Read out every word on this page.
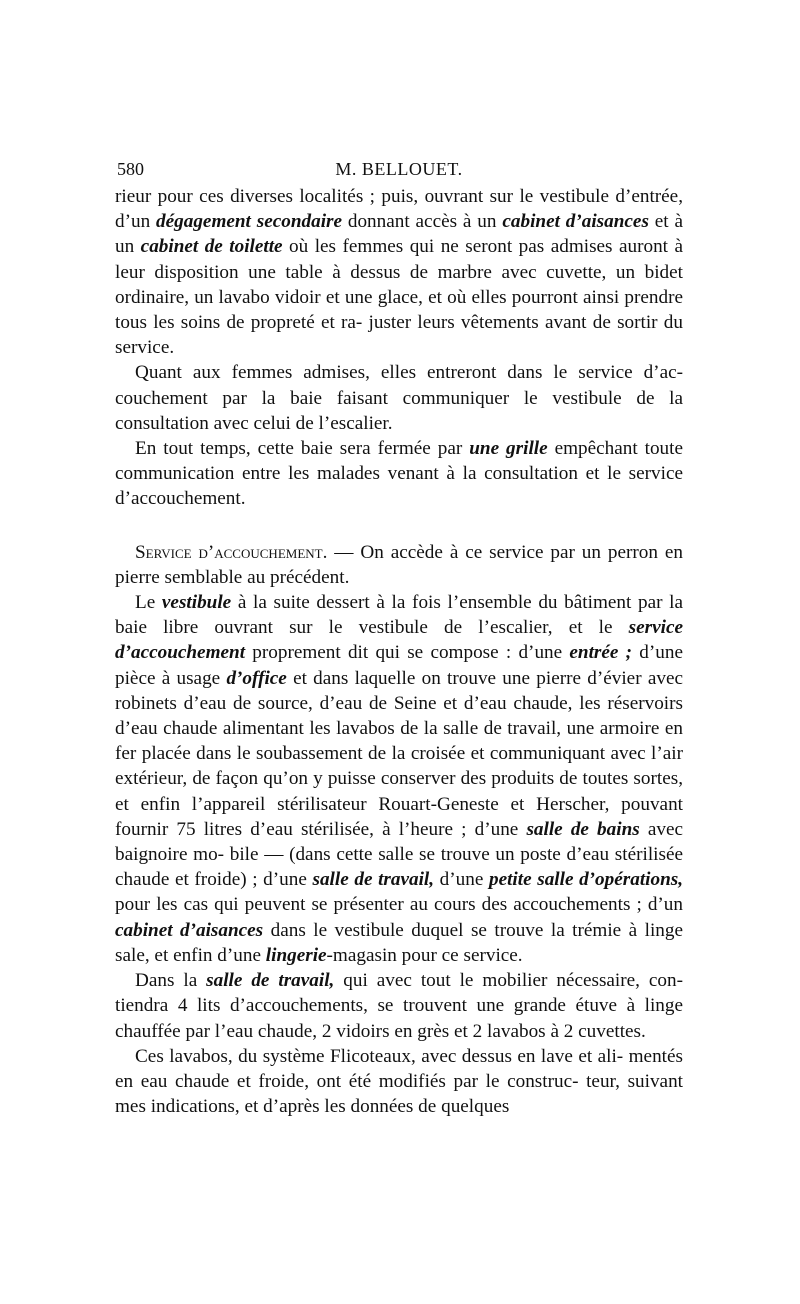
580	M. BELLOUET.

rieur pour ces diverses localités ; puis, ouvrant sur le vestibule d’entrée, d’un dégagement secondaire donnant accès à un cabinet d’aisances et à un cabinet de toilette où les femmes qui ne seront pas admises auront à leur disposition une table à dessus de marbre avec cuvette, un bidet ordinaire, un lavabo vidoir et une glace, et où elles pourront ainsi prendre tous les soins de propreté et ra- juster leurs vêtements avant de sortir du service.

Quant aux femmes admises, elles entreront dans le service d’ac- couchement par la baie faisant communiquer le vestibule de la consultation avec celui de l’escalier.

En tout temps, cette baie sera fermée par une grille empêchant toute communication entre les malades venant à la consultation et le service d’accouchement.

Service d’accouchement. — On accède à ce service par un perron en pierre semblable au précédent.

Le vestibule à la suite dessert à la fois l’ensemble du bâtiment par la baie libre ouvrant sur le vestibule de l’escalier, et le service d’accouchement proprement dit qui se compose : d’une entrée ; d’une pièce à usage d’office et dans laquelle on trouve une pierre d’évier avec robinets d’eau de source, d’eau de Seine et d’eau chaude, les réservoirs d’eau chaude alimentant les lavabos de la salle de travail, une armoire en fer placée dans le soubassement de la croisée et communiquant avec l’air extérieur, de façon qu’on y puisse conserver des produits de toutes sortes, et enfin l’appareil stérilisateur Rouart-Geneste et Herscher, pouvant fournir 75 litres d’eau stérilisée, à l’heure ; d’une salle de bains avec baignoire mo- bile — (dans cette salle se trouve un poste d’eau stérilisée chaude et froide) ; d’une salle de travail, d’une petite salle d’opérations, pour les cas qui peuvent se présenter au cours des accouchements ; d’un cabinet d’aisances dans le vestibule duquel se trouve la trémie à linge sale, et enfin d’une lingerie-magasin pour ce service.

Dans la salle de travail, qui avec tout le mobilier nécessaire, con- tiendra 4 lits d’accouchements, se trouvent une grande étuve à linge chauffée par l’eau chaude, 2 vidoirs en grès et 2 lavabos à 2 cuvettes.

Ces lavabos, du système Flicoteaux, avec dessus en lave et ali- mentés en eau chaude et froide, ont été modifiés par le construc- teur, suivant mes indications, et d’après les données de quelques
